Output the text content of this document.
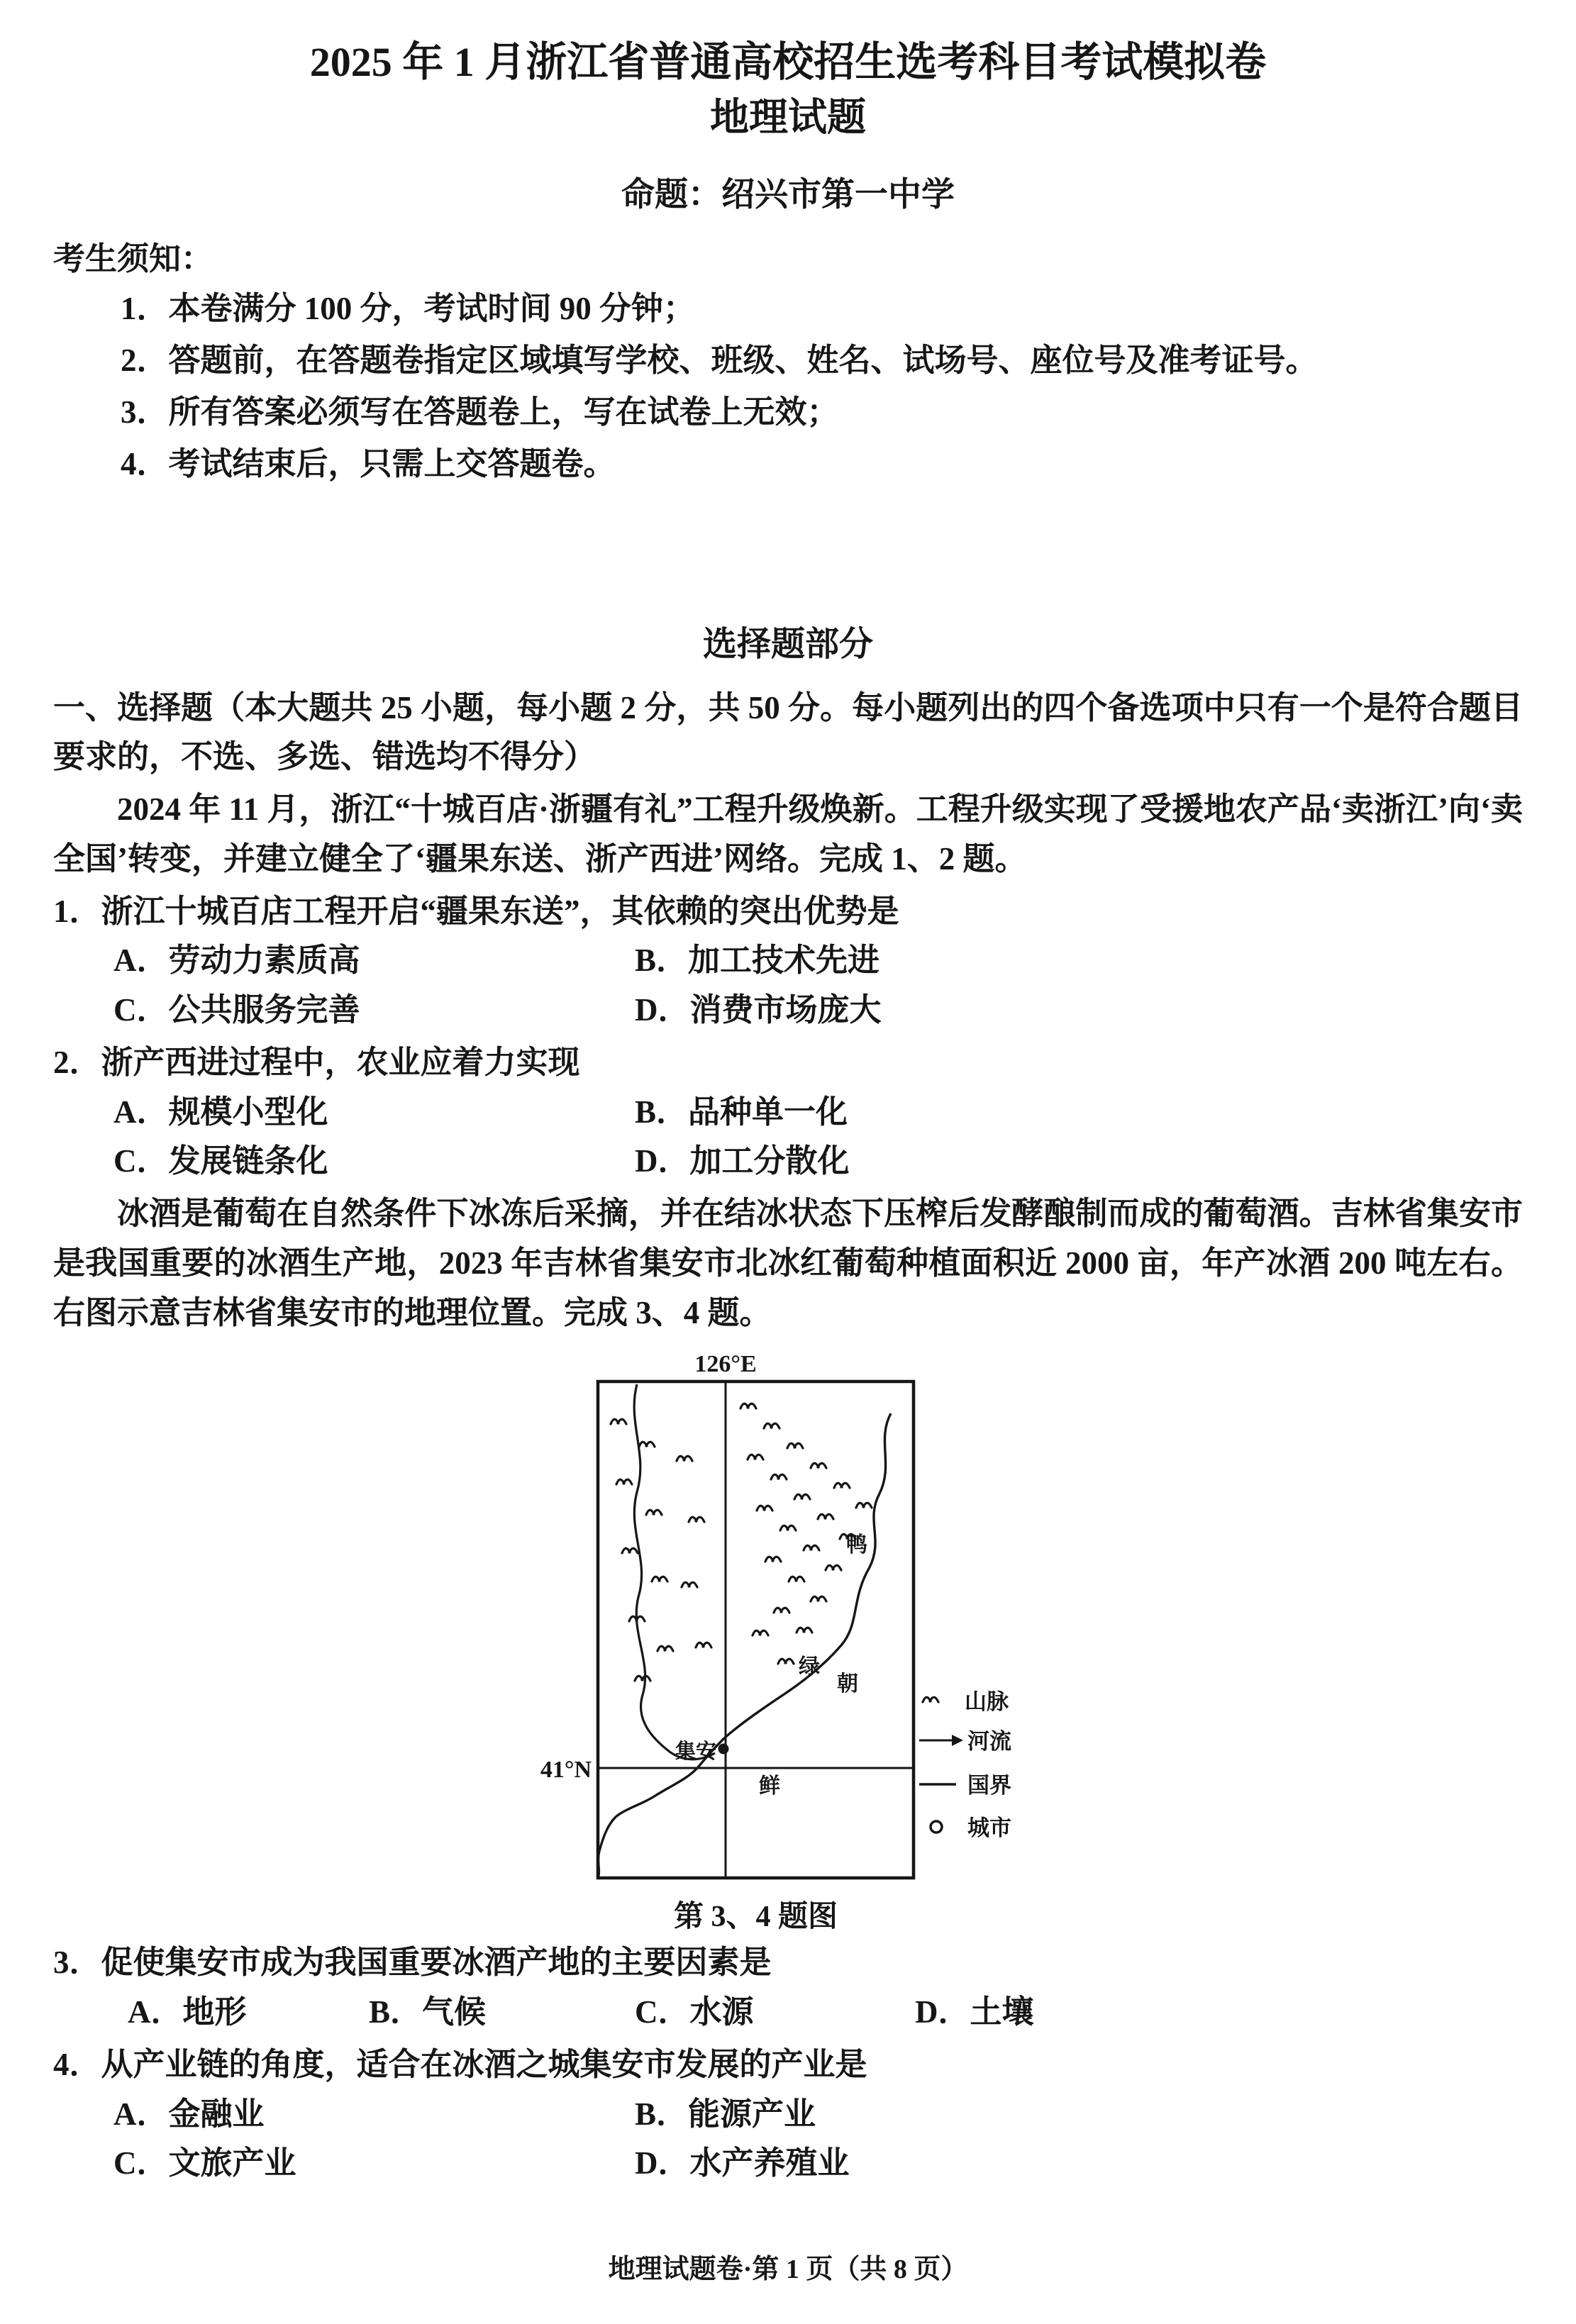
2025 年 1 月浙江省普通高校招生选考科目考试模拟卷
地理试题
命题：绍兴市第一中学
考生须知：
1．本卷满分 100 分，考试时间 90 分钟；
2．答题前，在答题卷指定区域填写学校、班级、姓名、试场号、座位号及准考证号。
3．所有答案必须写在答题卷上，写在试卷上无效；
4．考试结束后，只需上交答题卷。
选择题部分
一、选择题（本大题共 25 小题，每小题 2 分，共 50 分。每小题列出的四个备选项中只有一个是符合题目要求的，不选、多选、错选均不得分）
2024 年 11 月，浙江“十城百店·浙疆有礼”工程升级焕新。工程升级实现了受援地农产品‘卖浙江’向‘卖全国’转变，并建立健全了‘疆果东送、浙产西进’网络。完成 1、2 题。
1．浙江十城百店工程开启“疆果东送”，其依赖的突出优势是
A．劳动力素质高	B．加工技术先进
C．公共服务完善	D．消费市场庞大
2．浙产西进过程中，农业应着力实现
A．规模小型化	B．品种单一化
C．发展链条化	D．加工分散化
冰酒是葡萄在自然条件下冰冻后采摘，并在结冰状态下压榨后发酵酿制而成的葡萄酒。吉林省集安市是我国重要的冰酒生产地，2023 年吉林省集安市北冰红葡萄种植面积近 2000 亩，年产冰酒 200 吨左右。右图示意吉林省集安市的地理位置。完成 3、4 题。
126°E
41°N
集安
鸭
绿
朝
鲜
山脉
河流
国界
城市
第 3、4 题图
3．促使集安市成为我国重要冰酒产地的主要因素是
A．地形	B．气候	C．水源	D．土壤
4．从产业链的角度，适合在冰酒之城集安市发展的产业是
A．金融业	B．能源产业
C．文旅产业	D．水产养殖业
地理试题卷·第 1 页（共 8 页）
